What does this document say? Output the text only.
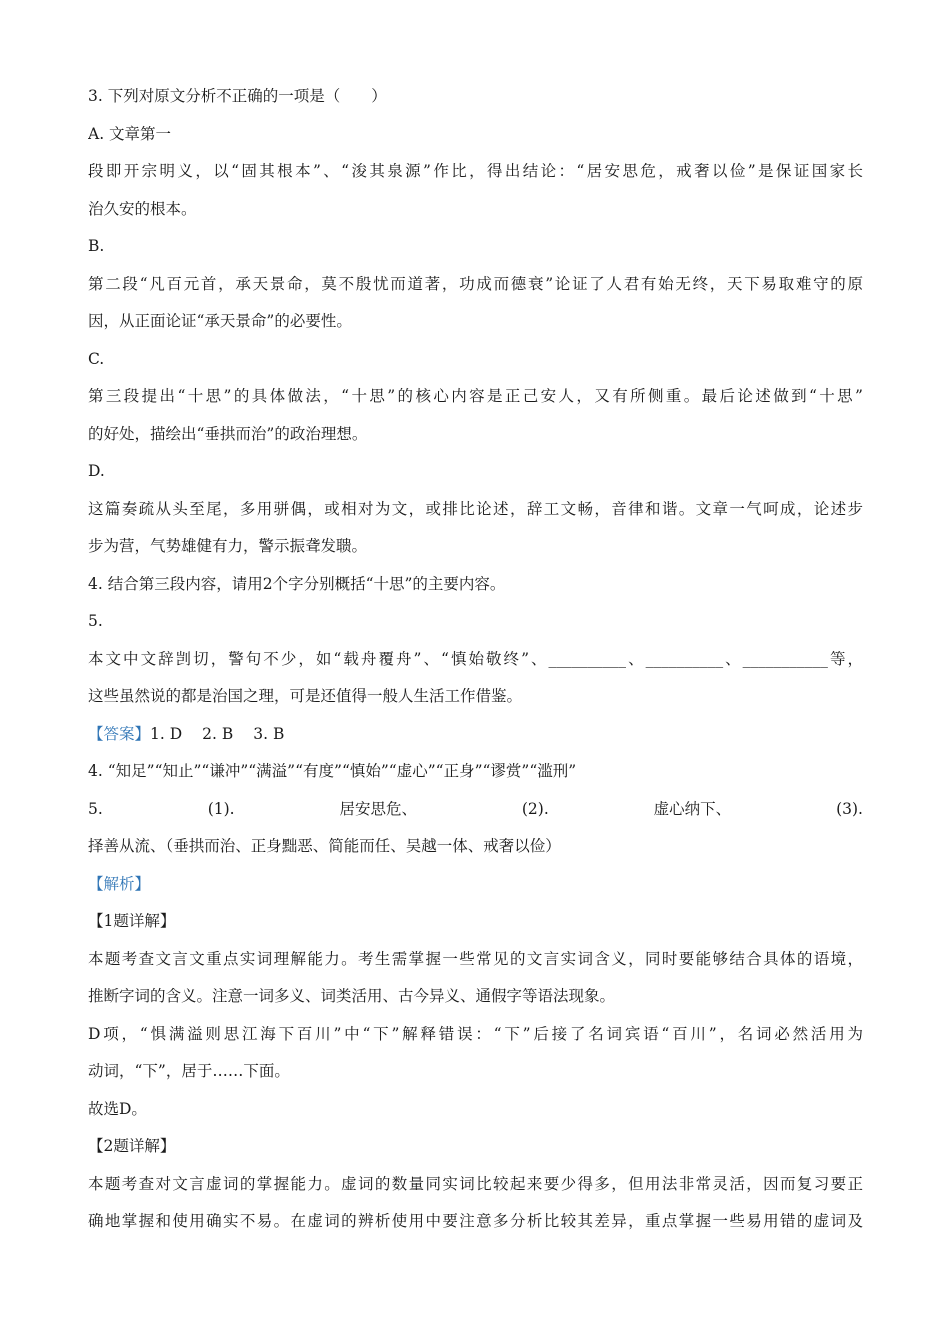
3. 下列对原文分析不正确的一项是（　　）
A. 文章第一
段即开宗明义，以“固其根本”、“浚其泉源”作比，得出结论：“居安思危，戒奢以俭”是保证国家长
治久安的根本。
B.
第二段“凡百元首，承天景命，莫不殷忧而道著，功成而德衰”论证了人君有始无终，天下易取难守的原
因，从正面论证“承天景命”的必要性。
C.
第三段提出“十思”的具体做法，“十思”的核心内容是正己安人，又有所侧重。最后论述做到“十思”
的好处，描绘出“垂拱而治”的政治理想。
D.
这篇奏疏从头至尾，多用骈偶，或相对为文，或排比论述，辞工文畅，音律和谐。文章一气呵成，论述步
步为营，气势雄健有力，警示振聋发聩。
4. 结合第三段内容，请用2个字分别概括“十思”的主要内容。
5.
本文中文辞剀切，警句不少，如“载舟覆舟”、“慎始敬终”、__________、__________、___________等，
这些虽然说的都是治国之理，可是还值得一般人生活工作借鉴。
【答案】1. D 2. B 3. B
4. “知足”“知止”“谦冲”“满溢”“有度”“慎始”“虚心”“正身”“谬赏”“滥刑”
5.	(1).	居安思危、	(2).	虚心纳下、	(3).
择善从流、（垂拱而治、正身黜恶、简能而任、吴越一体、戒奢以俭）
【解析】
【1题详解】
本题考查文言文重点实词理解能力。考生需掌握一些常见的文言实词含义，同时要能够结合具体的语境，
推断字词的含义。注意一词多义、词类活用、古今异义、通假字等语法现象。
D项，“惧满溢则思江海下百川”中“下”解释错误：“下”后接了名词宾语“百川”，名词必然活用为
动词，“下”，居于……下面。
故选D。
【2题详解】
本题考查对文言虚词的掌握能力。虚词的数量同实词比较起来要少得多，但用法非常灵活，因而复习要正
确地掌握和使用确实不易。在虚词的辨析使用中要注意多分析比较其差异，重点掌握一些易用错的虚词及
